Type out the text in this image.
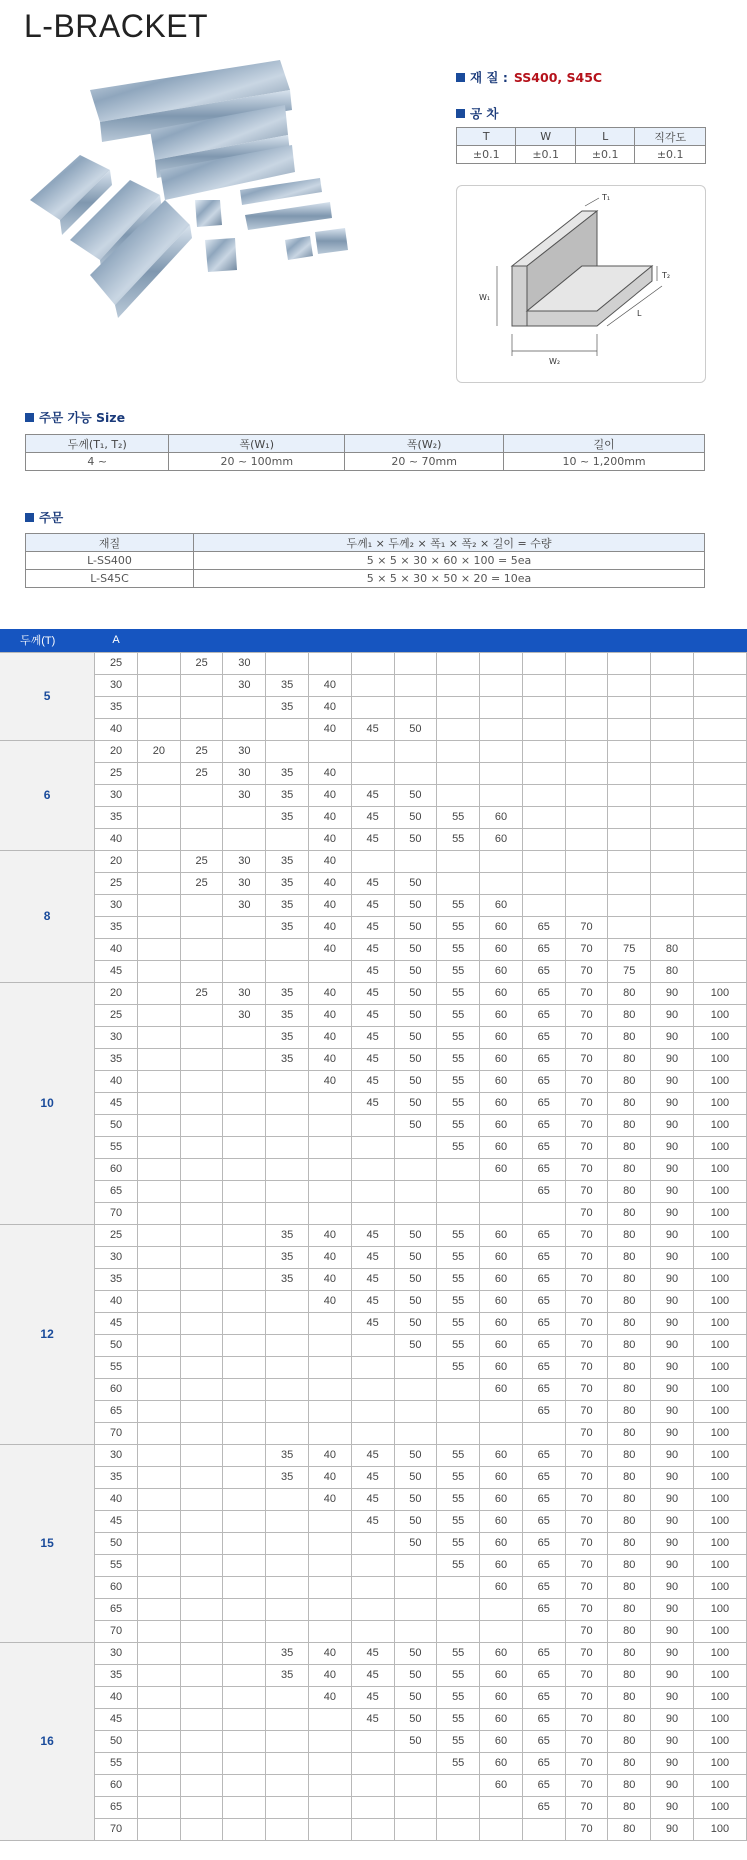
L-BRACKET
재 질 : SS400, S45C
공 차
T	W	L	직각도
±0.1	±0.1	±0.1	±0.1
T₁
T₂
W₁
W₂
L
주문 가능 Size
두께(T₁, T₂)	폭(W₁)	폭(W₂)	길이
4 ~	20 ~ 100mm	20 ~ 70mm	10 ~ 1,200mm
주문
재질	두께₁ × 두께₂ × 폭₁ × 폭₂ × 길이 = 수량
L-SS400	5 × 5 × 30 × 60 × 100 = 5ea
L-S45C	5 × 5 × 30 × 50 × 20 = 10ea
두께(T)	A														
5	25		25	30											
	30			30	35	40									
	35				35	40									
	40					40	45	50							
6	20	20	25	30											
	25		25	30	35	40									
	30			30	35	40	45	50							
	35				35	40	45	50	55	60					
	40					40	45	50	55	60					
8	20		25	30	35	40									
	25		25	30	35	40	45	50							
	30			30	35	40	45	50	55	60					
	35				35	40	45	50	55	60	65	70			
	40					40	45	50	55	60	65	70	75	80	
	45						45	50	55	60	65	70	75	80	
10	20		25	30	35	40	45	50	55	60	65	70	80	90	100
	25			30	35	40	45	50	55	60	65	70	80	90	100
	30				35	40	45	50	55	60	65	70	80	90	100
	35				35	40	45	50	55	60	65	70	80	90	100
	40					40	45	50	55	60	65	70	80	90	100
	45						45	50	55	60	65	70	80	90	100
	50							50	55	60	65	70	80	90	100
	55								55	60	65	70	80	90	100
	60									60	65	70	80	90	100
	65										65	70	80	90	100
	70											70	80	90	100
12	25				35	40	45	50	55	60	65	70	80	90	100
	30				35	40	45	50	55	60	65	70	80	90	100
	35				35	40	45	50	55	60	65	70	80	90	100
	40					40	45	50	55	60	65	70	80	90	100
	45						45	50	55	60	65	70	80	90	100
	50							50	55	60	65	70	80	90	100
	55								55	60	65	70	80	90	100
	60									60	65	70	80	90	100
	65										65	70	80	90	100
	70											70	80	90	100
15	30				35	40	45	50	55	60	65	70	80	90	100
	35				35	40	45	50	55	60	65	70	80	90	100
	40					40	45	50	55	60	65	70	80	90	100
	45						45	50	55	60	65	70	80	90	100
	50							50	55	60	65	70	80	90	100
	55								55	60	65	70	80	90	100
	60									60	65	70	80	90	100
	65										65	70	80	90	100
	70											70	80	90	100
16	30				35	40	45	50	55	60	65	70	80	90	100
	35				35	40	45	50	55	60	65	70	80	90	100
	40					40	45	50	55	60	65	70	80	90	100
	45						45	50	55	60	65	70	80	90	100
	50							50	55	60	65	70	80	90	100
	55								55	60	65	70	80	90	100
	60									60	65	70	80	90	100
	65										65	70	80	90	100
	70											70	80	90	100
